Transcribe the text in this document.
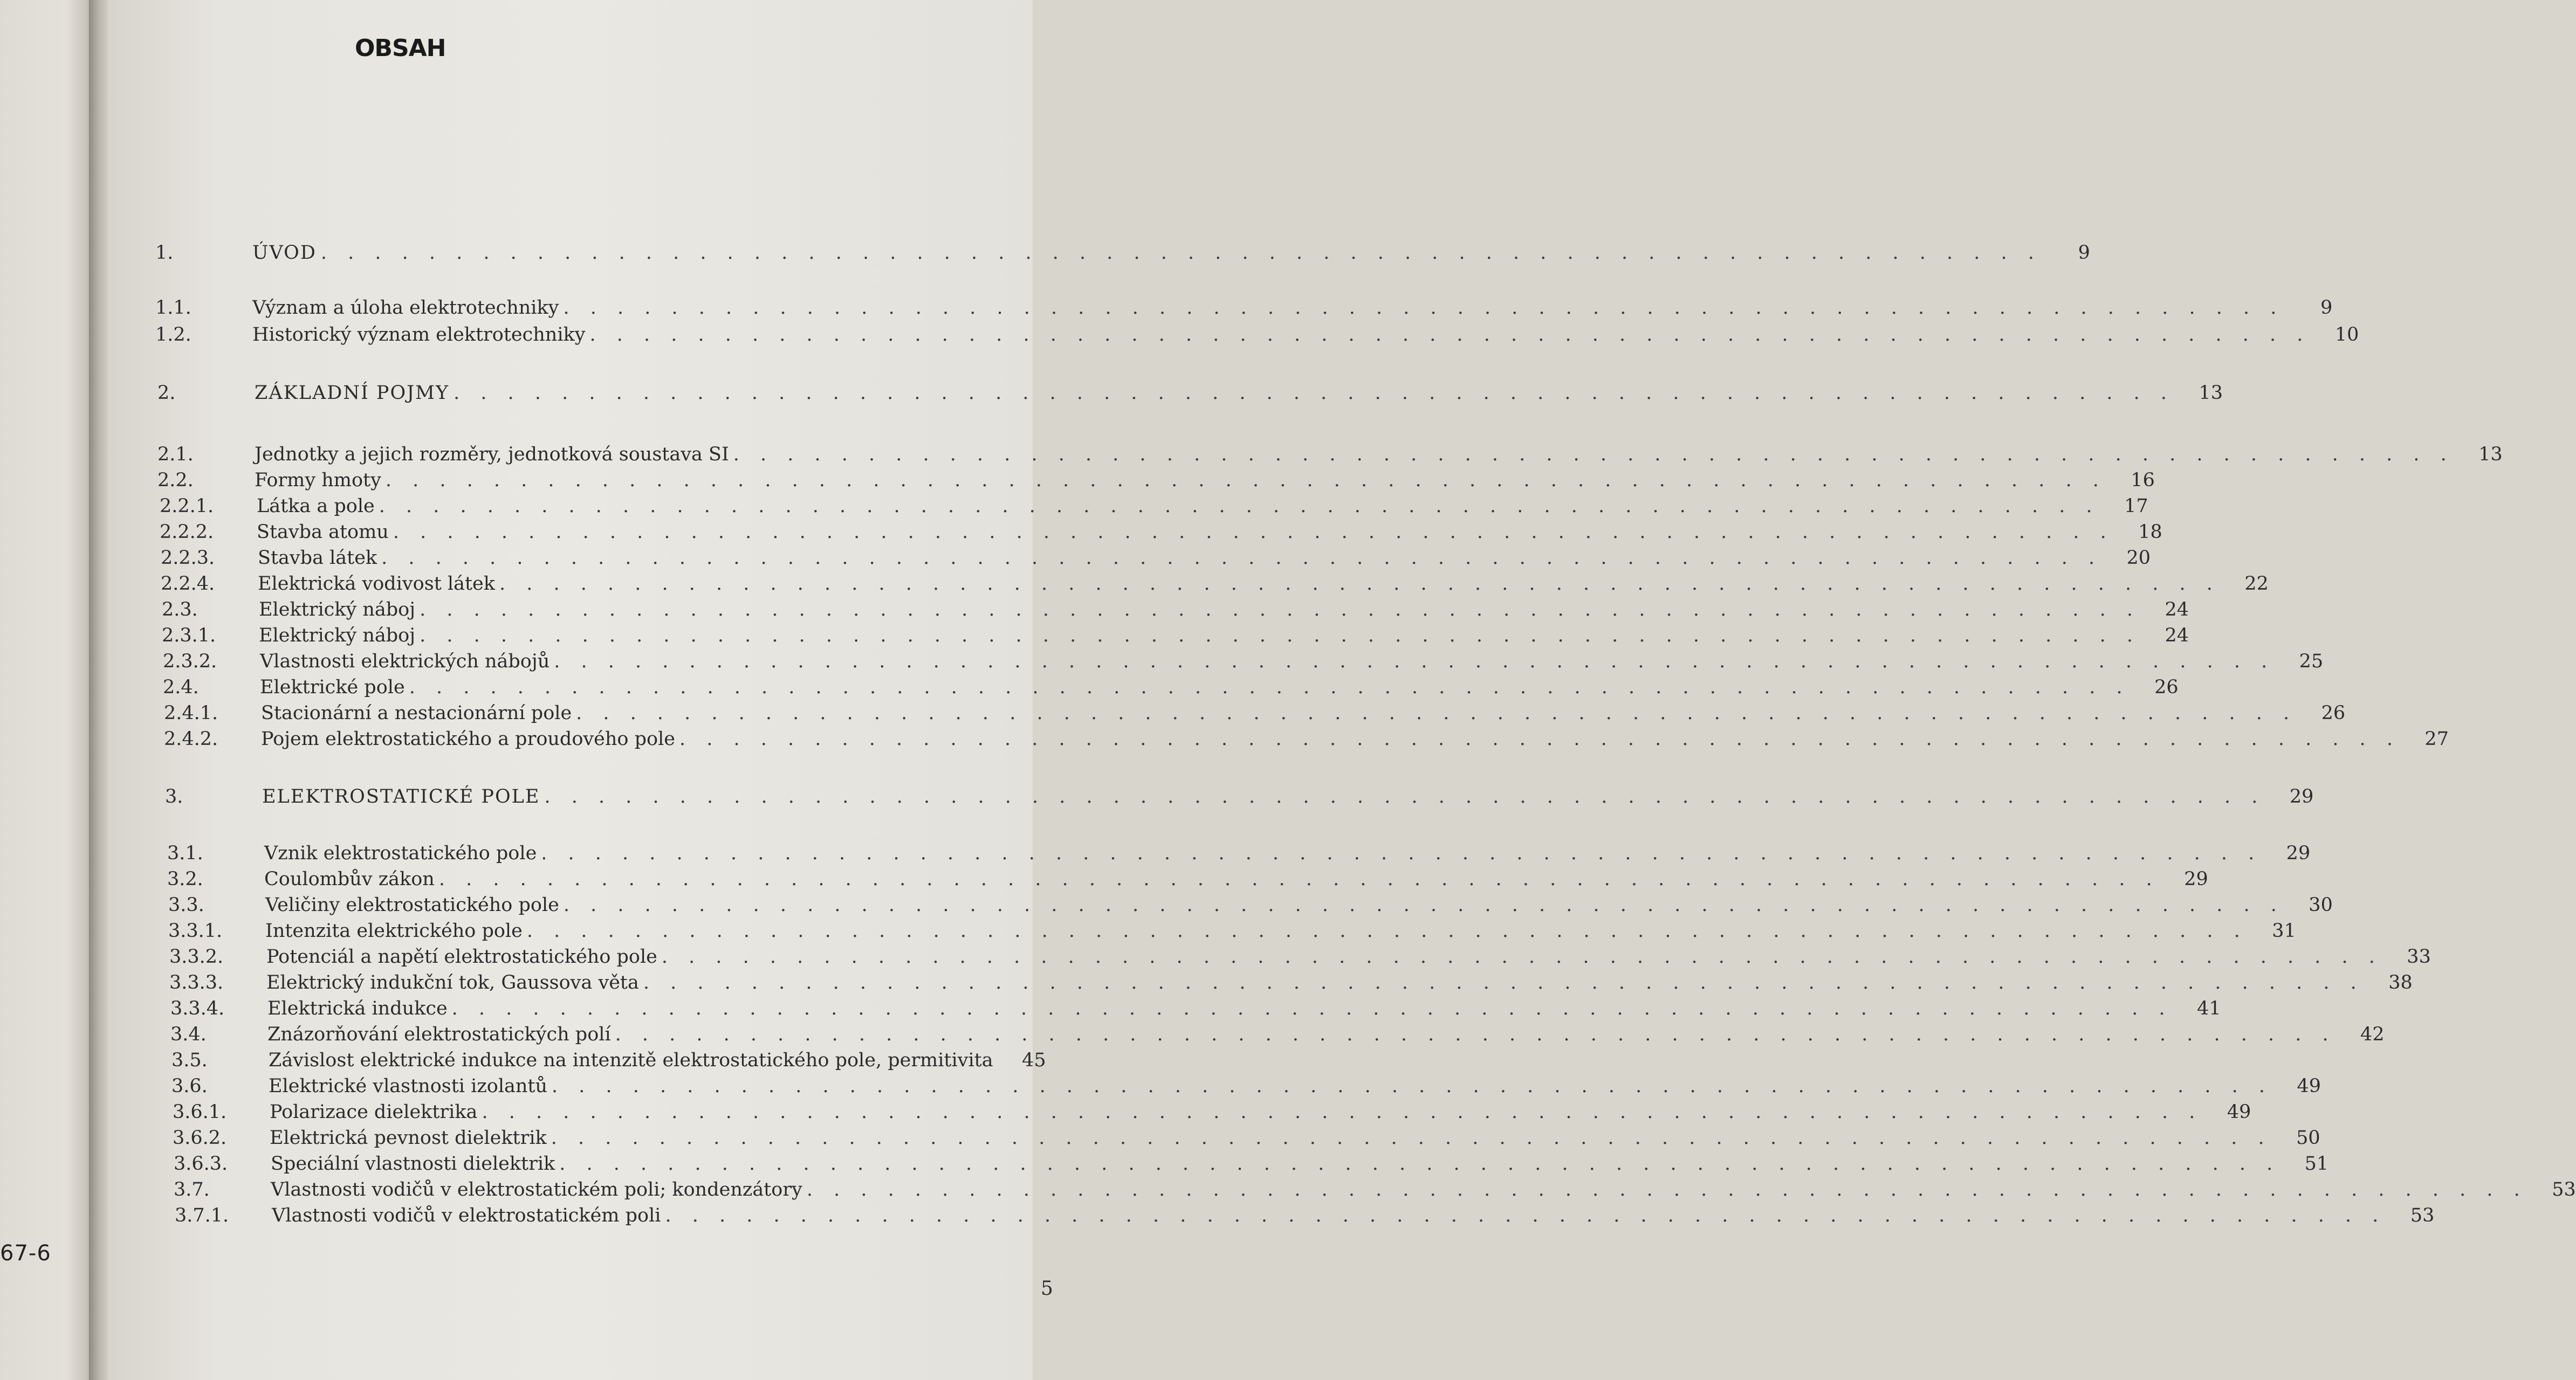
67-6
OBSAH
1.	ÚVOD . . .	9
1.1.	Význam a úloha elektrotechniky . . .	9
1.2.	Historický význam elektrotechniky . . .	10
2.	ZÁKLADNÍ POJMY . . .	13
2.1.	Jednotky a jejich rozměry, jednotková soustava SI . . .	13
2.2.	Formy hmoty . . .	16
2.2.1.	Látka a pole . . .	17
2.2.2.	Stavba atomu . . .	18
2.2.3.	Stavba látek . . .	20
2.2.4.	Elektrická vodivost látek . . .	22
2.3.	Elektrický náboj . . .	24
2.3.1.	Elektrický náboj . . .	24
2.3.2.	Vlastnosti elektrických nábojů . . .	25
2.4.	Elektrické pole . . .	26
2.4.1.	Stacionární a nestacionární pole . . .	26
2.4.2.	Pojem elektrostatického a proudového pole . . .	27
3.	ELEKTROSTATICKÉ POLE . . .	29
3.1.	Vznik elektrostatického pole . . .	29
3.2.	Coulombův zákon . . .	29
3.3.	Veličiny elektrostatického pole . . .	30
3.3.1.	Intenzita elektrického pole . . .	31
3.3.2.	Potenciál a napětí elektrostatického pole . . .	33
3.3.3.	Elektrický indukční tok, Gaussova věta . . .	38
3.3.4.	Elektrická indukce . . .	41
3.4.	Znázorňování elektrostatických polí . . .	42
3.5.	Závislost elektrické indukce na intenzitě elektrostatického pole, permitivita	45
3.6.	Elektrické vlastnosti izolantů . . .	49
3.6.1.	Polarizace dielektrika . . .	49
3.6.2.	Elektrická pevnost dielektrik . . .	50
3.6.3.	Speciální vlastnosti dielektrik . . .	51
3.7.	Vlastnosti vodičů v elektrostatickém poli; kondenzátory . . .	53
3.7.1.	Vlastnosti vodičů v elektrostatickém poli . . .	53
5
